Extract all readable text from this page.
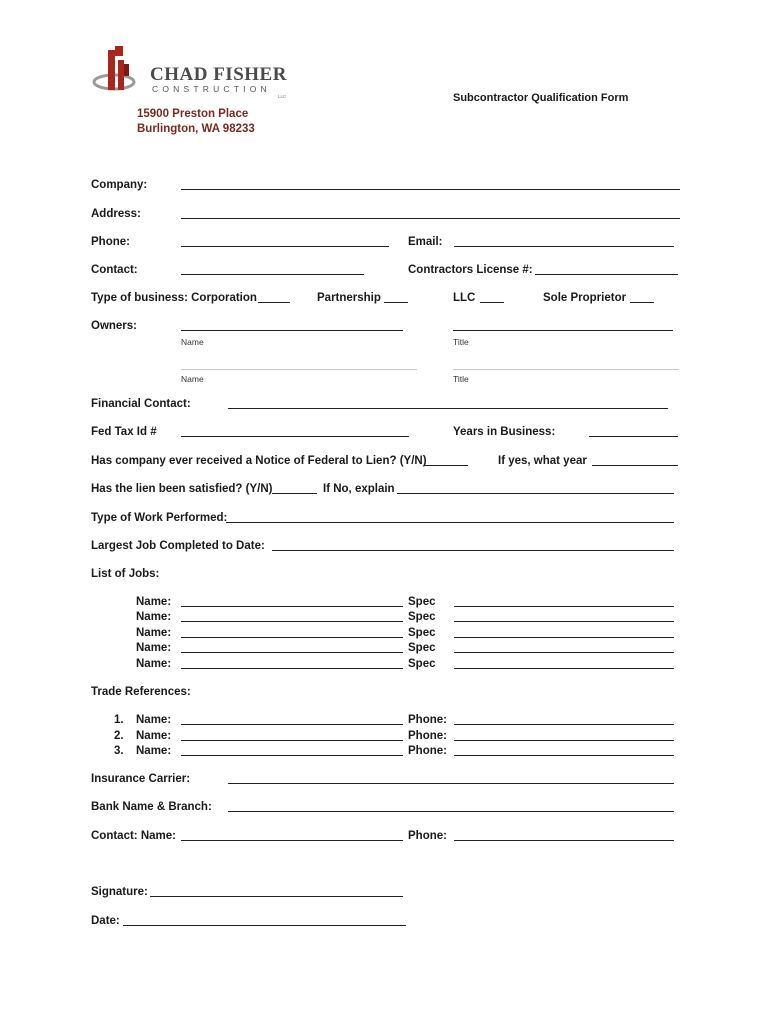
CHAD FISHER
CONSTRUCTION
LLC	Subcontractor Qualification Form
15900 Preston Place
Burlington, WA 98233
Company:
Address:
Phone:	Email:
Contact:	Contractors License #:
Type of business: Corporation	Partnership	LLC	Sole Proprietor
Owners:
Name	Title
Name	Title
Financial Contact:
Fed Tax Id #	Years in Business:
Has company ever received a Notice of Federal to Lien? (Y/N)	If yes, what year
Has the lien been satisfied? (Y/N)	If No, explain
Type of Work Performed:
Largest Job Completed to Date:
List of Jobs:
Name:	Spec
Name:	Spec
Name:	Spec
Name:	Spec
Name:	Spec
Trade References:
1. Name:	Phone:
2. Name:	Phone:
3. Name:	Phone:
Insurance Carrier:
Bank Name & Branch:
Contact: Name:	Phone:
Signature:
Date:
